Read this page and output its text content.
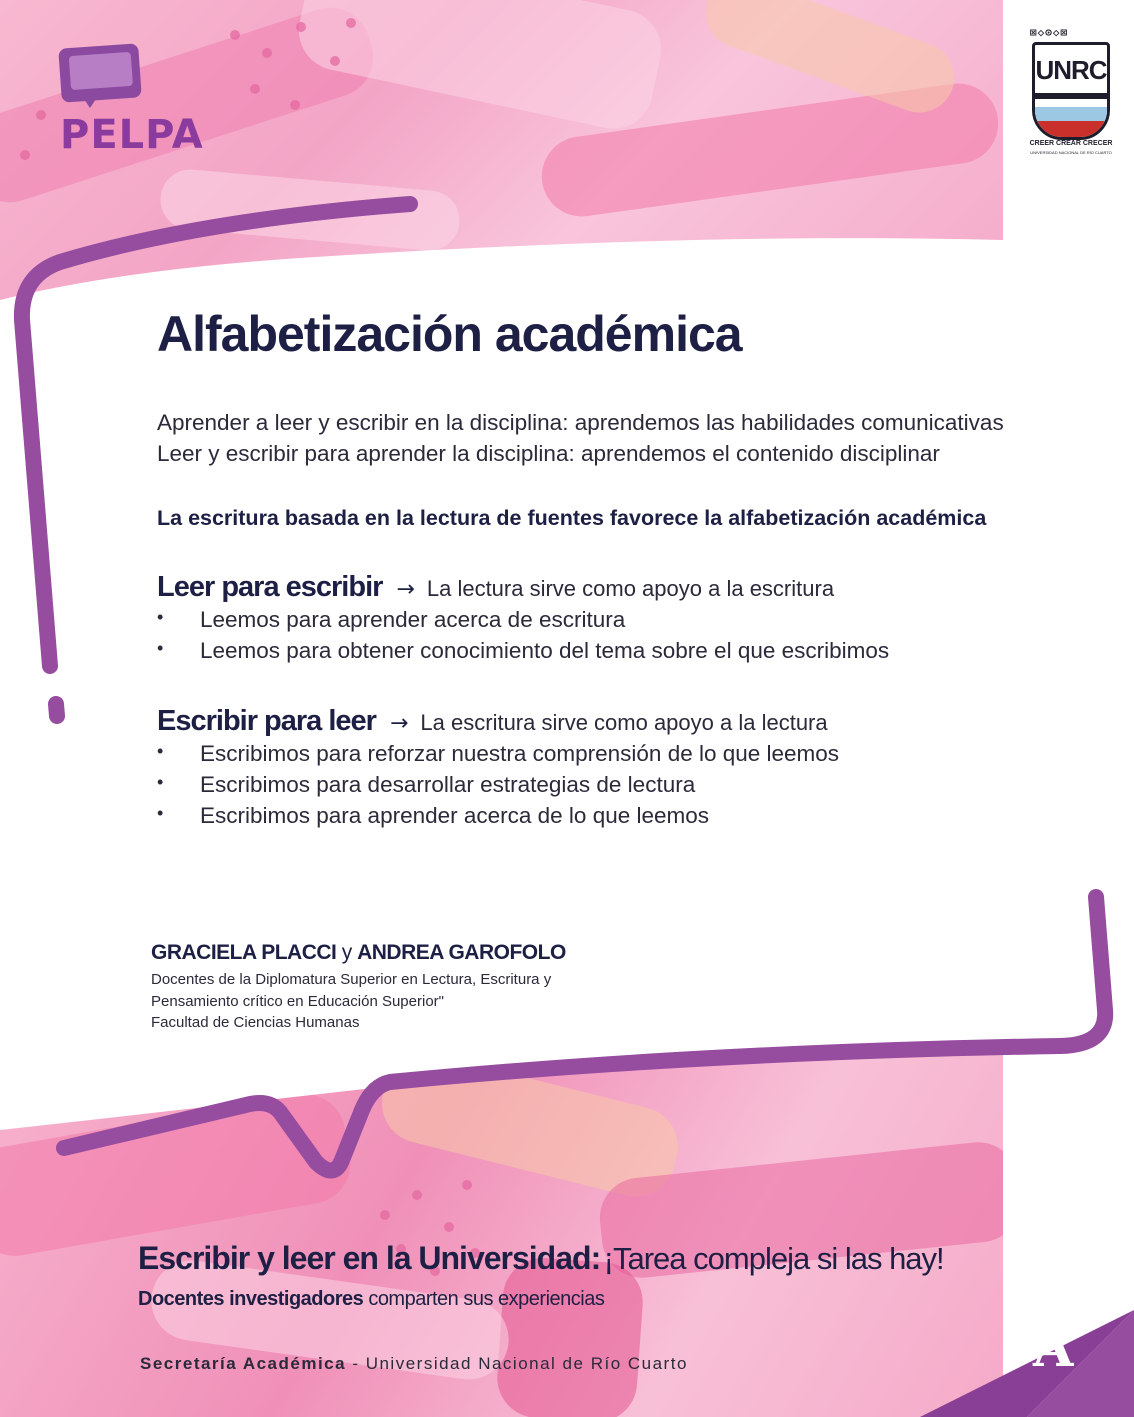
PELPA
⊠◇⊙◇⊠
UNRC
CREER CREAR CRECER
UNIVERSIDAD NACIONAL DE RÍO CUARTO
Alfabetización académica
Aprender a leer y escribir en la disciplina: aprendemos las habilidades comunicativas
Leer y escribir para aprender la disciplina: aprendemos el contenido disciplinar
La escritura basada en la lectura de fuentes favorece la alfabetización académica
Leer para escribir → La lectura sirve como apoyo a la escritura
• Leemos para aprender acerca de escritura
• Leemos para obtener conocimiento del tema sobre el que escribimos
Escribir para leer → La escritura sirve como apoyo a la lectura
• Escribimos para reforzar nuestra comprensión de lo que leemos
• Escribimos para desarrollar estrategias de lectura
• Escribimos para aprender acerca de lo que leemos
GRACIELA PLACCI y ANDREA GAROFOLO
Docentes de la Diplomatura Superior en Lectura, Escritura y
Pensamiento crítico en Educación Superior"
Facultad de Ciencias Humanas
Escribir y leer en la Universidad: ¡Tarea compleja si las hay!
Docentes investigadores comparten sus experiencias
Secretaría Académica - Universidad Nacional de Río Cuarto	A
